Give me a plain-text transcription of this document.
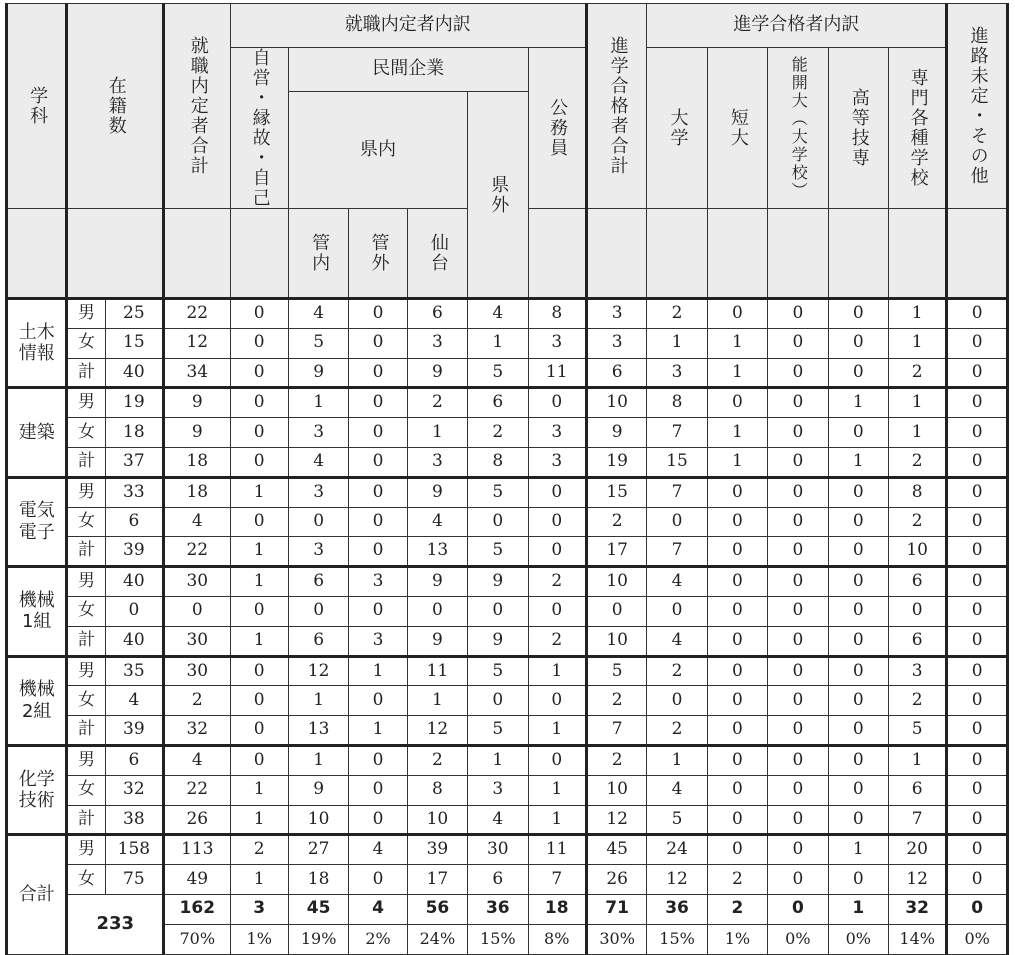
学科	在籍数		就職内定者合計	就職内定者内訳						進学合格者合計	進学合格者内訳					進路未定・その他
				自営・縁故・自己	民間企業				公務員		大学	短大	能開大（大学校）	高等技専	専門各種学校	
					県内			県外								
					管内	管外	仙台									
土木
情報	男	25	22	0	4	0	6	4	8	3	2	0	0	0	1	0
	女	15	12	0	5	0	3	1	3	3	1	1	0	0	1	0
	計	40	34	0	9	0	9	5	11	6	3	1	0	0	2	0
建築	男	19	9	0	1	0	2	6	0	10	8	0	0	1	1	0
	女	18	9	0	3	0	1	2	3	9	7	1	0	0	1	0
	計	37	18	0	4	0	3	8	3	19	15	1	0	1	2	0
電気
電子	男	33	18	1	3	0	9	5	0	15	7	0	0	0	8	0
	女	6	4	0	0	0	4	0	0	2	0	0	0	0	2	0
	計	39	22	1	3	0	13	5	0	17	7	0	0	0	10	0
機械
1組	男	40	30	1	6	3	9	9	2	10	4	0	0	0	6	0
	女	0	0	0	0	0	0	0	0	0	0	0	0	0	0	0
	計	40	30	1	6	3	9	9	2	10	4	0	0	0	6	0
機械
2組	男	35	30	0	12	1	11	5	1	5	2	0	0	0	3	0
	女	4	2	0	1	0	1	0	0	2	0	0	0	0	2	0
	計	39	32	0	13	1	12	5	1	7	2	0	0	0	5	0
化学
技術	男	6	4	0	1	0	2	1	0	2	1	0	0	0	1	0
	女	32	22	1	9	0	8	3	1	10	4	0	0	0	6	0
	計	38	26	1	10	0	10	4	1	12	5	0	0	0	7	0
合計	男	158	113	2	27	4	39	30	11	45	24	0	0	1	20	0
	女	75	49	1	18	0	17	6	7	26	12	2	0	0	12	0
	233		162	3	45	4	56	36	18	71	36	2	0	1	32	0
			70%	1%	19%	2%	24%	15%	8%	30%	15%	1%	0%	0%	14%	0%
